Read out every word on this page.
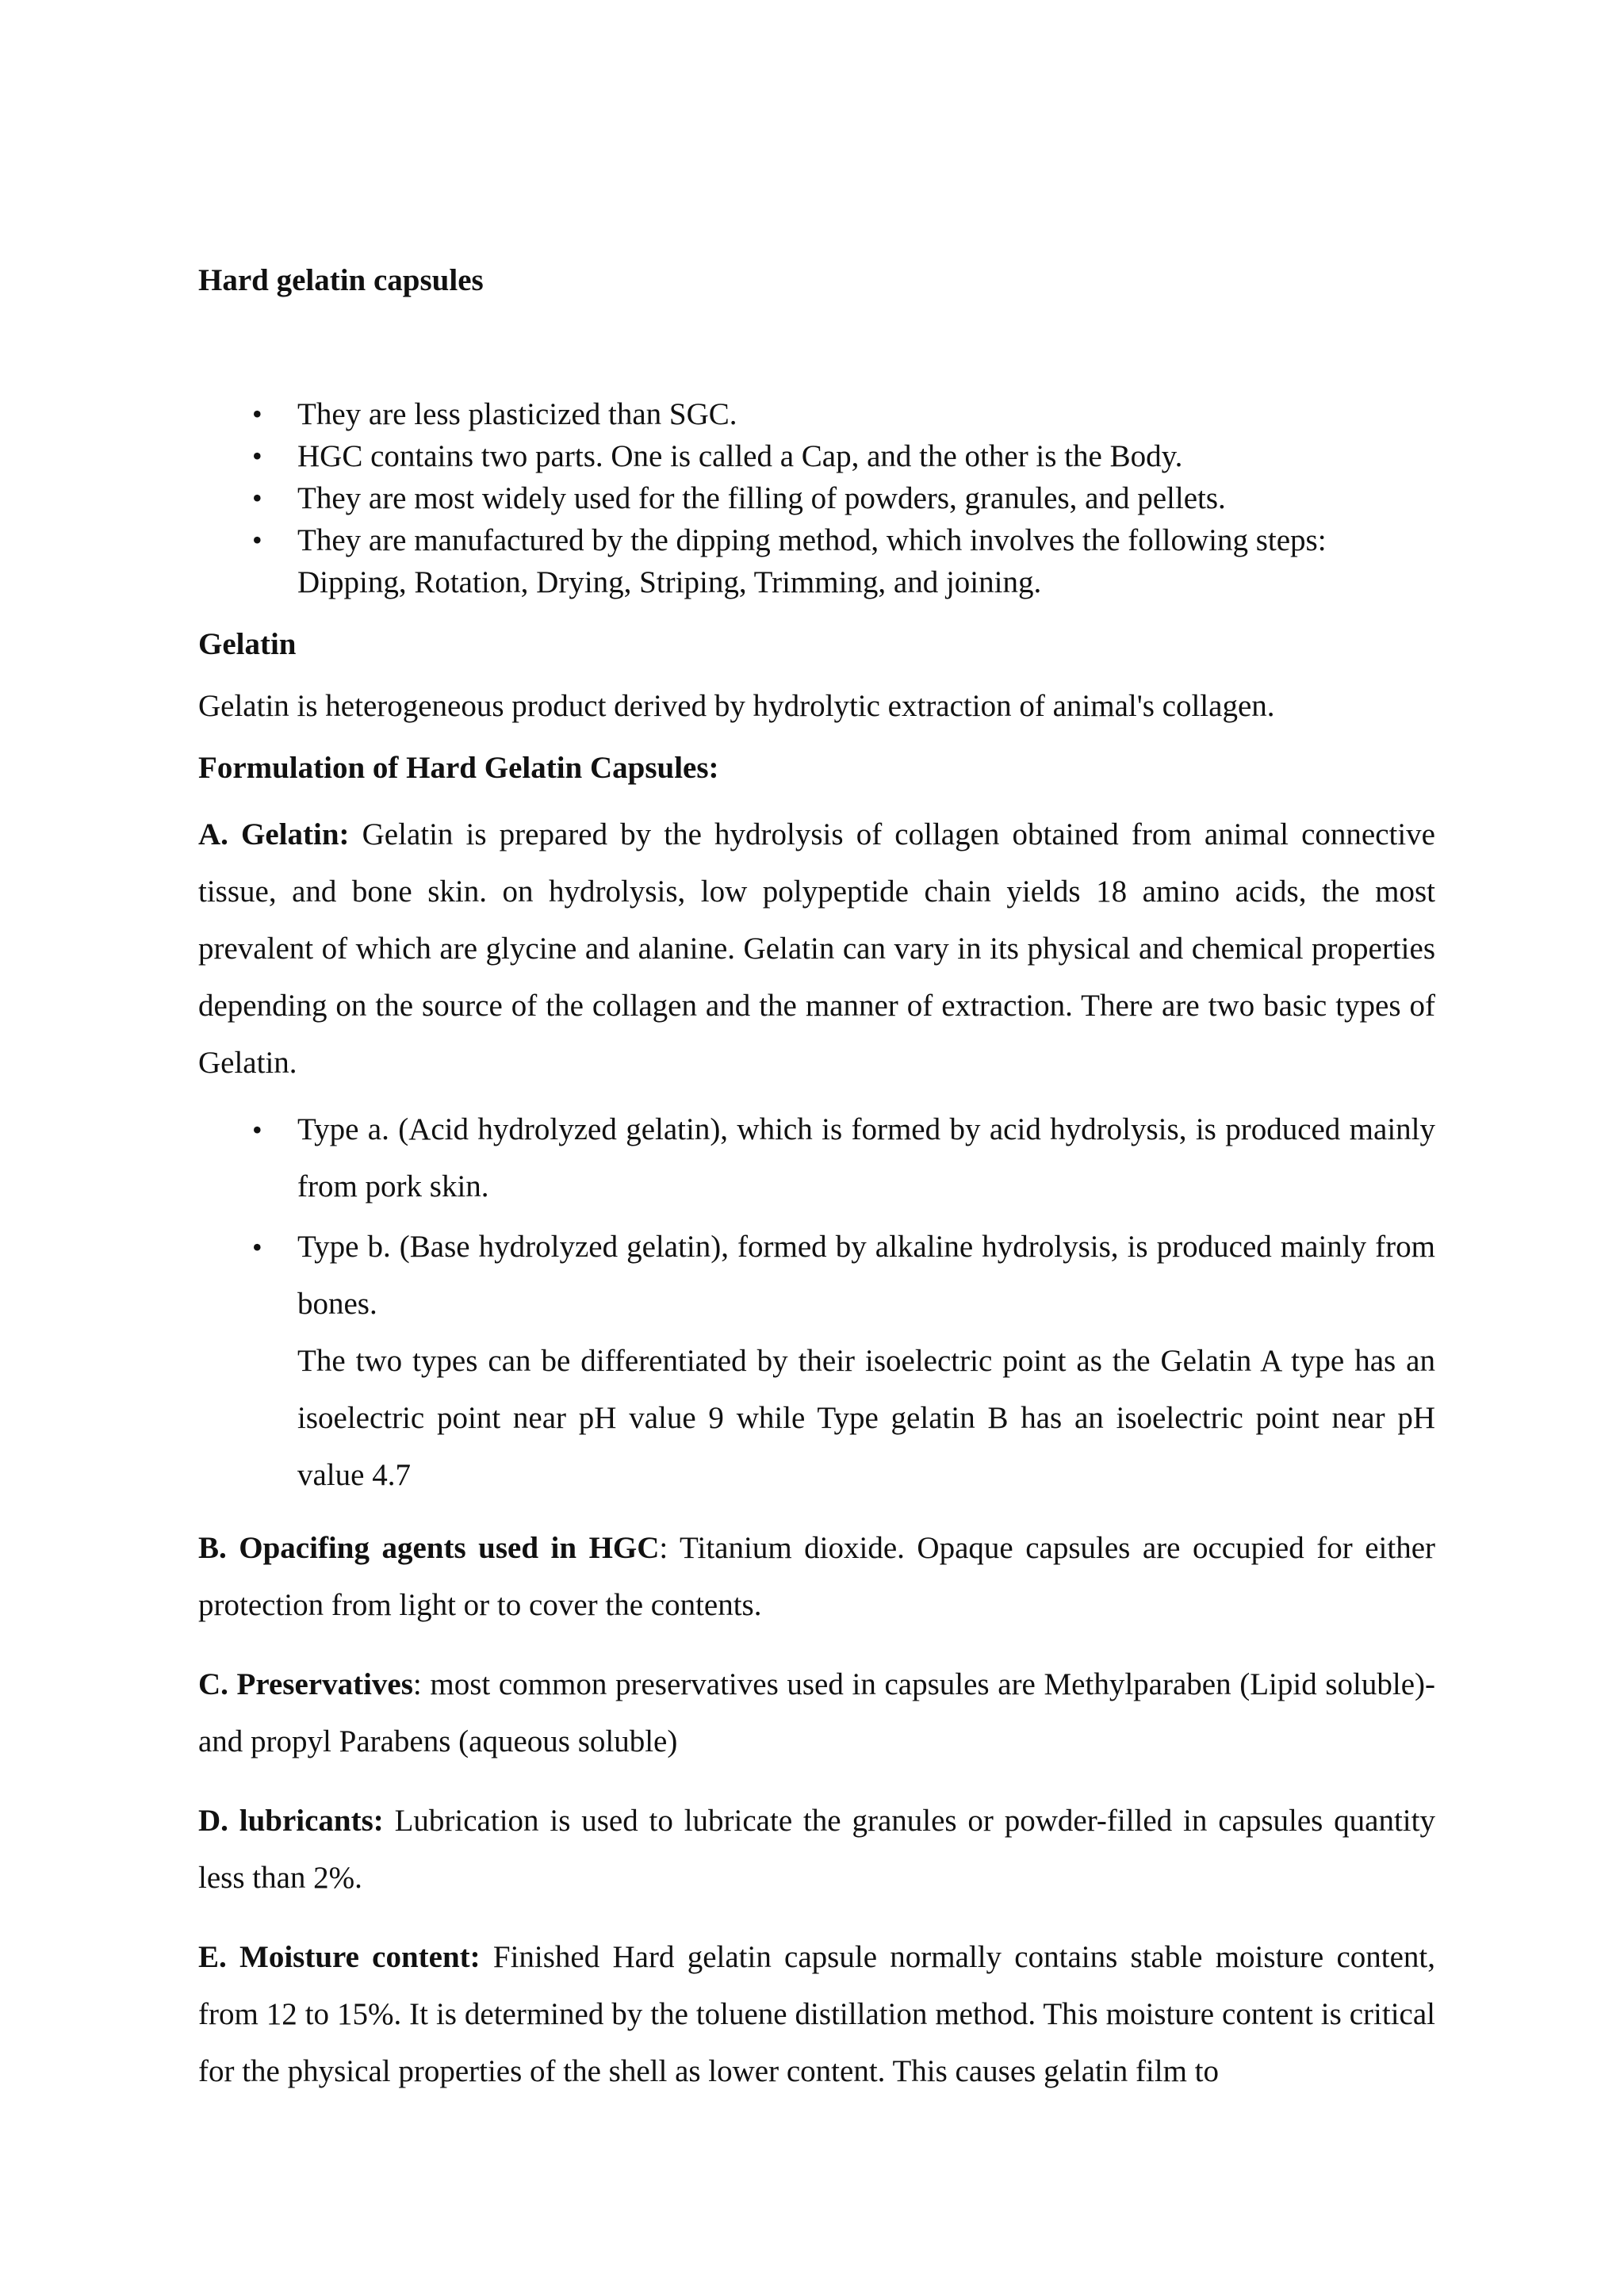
Hard gelatin capsules
• They are less plasticized than SGC.
• HGC contains two parts. One is called a Cap, and the other is the Body.
• They are most widely used for the filling of powders, granules, and pellets.
• They are manufactured by the dipping method, which involves the following steps:
Dipping, Rotation, Drying, Striping, Trimming, and joining.
Gelatin
Gelatin is heterogeneous product derived by hydrolytic extraction of animal's collagen.
Formulation of Hard Gelatin Capsules:

A. Gelatin: Gelatin is prepared by the hydrolysis of collagen obtained from animal connective tissue, and bone skin. on hydrolysis, low polypeptide chain yields 18 amino acids, the most prevalent of which are glycine and alanine. Gelatin can vary in its physical and chemical properties depending on the source of the collagen and the manner of extraction. There are two basic types of Gelatin.

• Type a. (Acid hydrolyzed gelatin), which is formed by acid hydrolysis, is produced mainly from pork skin.
• Type b. (Base hydrolyzed gelatin), formed by alkaline hydrolysis, is produced mainly from bones.
The two types can be differentiated by their isoelectric point as the Gelatin A type has an isoelectric point near pH value 9 while Type gelatin B has an isoelectric point near pH value 4.7

B. Opacifing agents used in HGC: Titanium dioxide. Opaque capsules are occupied for either protection from light or to cover the contents.

C. Preservatives: most common preservatives used in capsules are Methylparaben (Lipid soluble)-and propyl Parabens (aqueous soluble)

D. lubricants: Lubrication is used to lubricate the granules or powder-filled in capsules quantity less than 2%.

E. Moisture content: Finished Hard gelatin capsule normally contains stable moisture content, from 12 to 15%. It is determined by the toluene distillation method. This moisture content is critical for the physical properties of the shell as lower content. This causes gelatin film to
